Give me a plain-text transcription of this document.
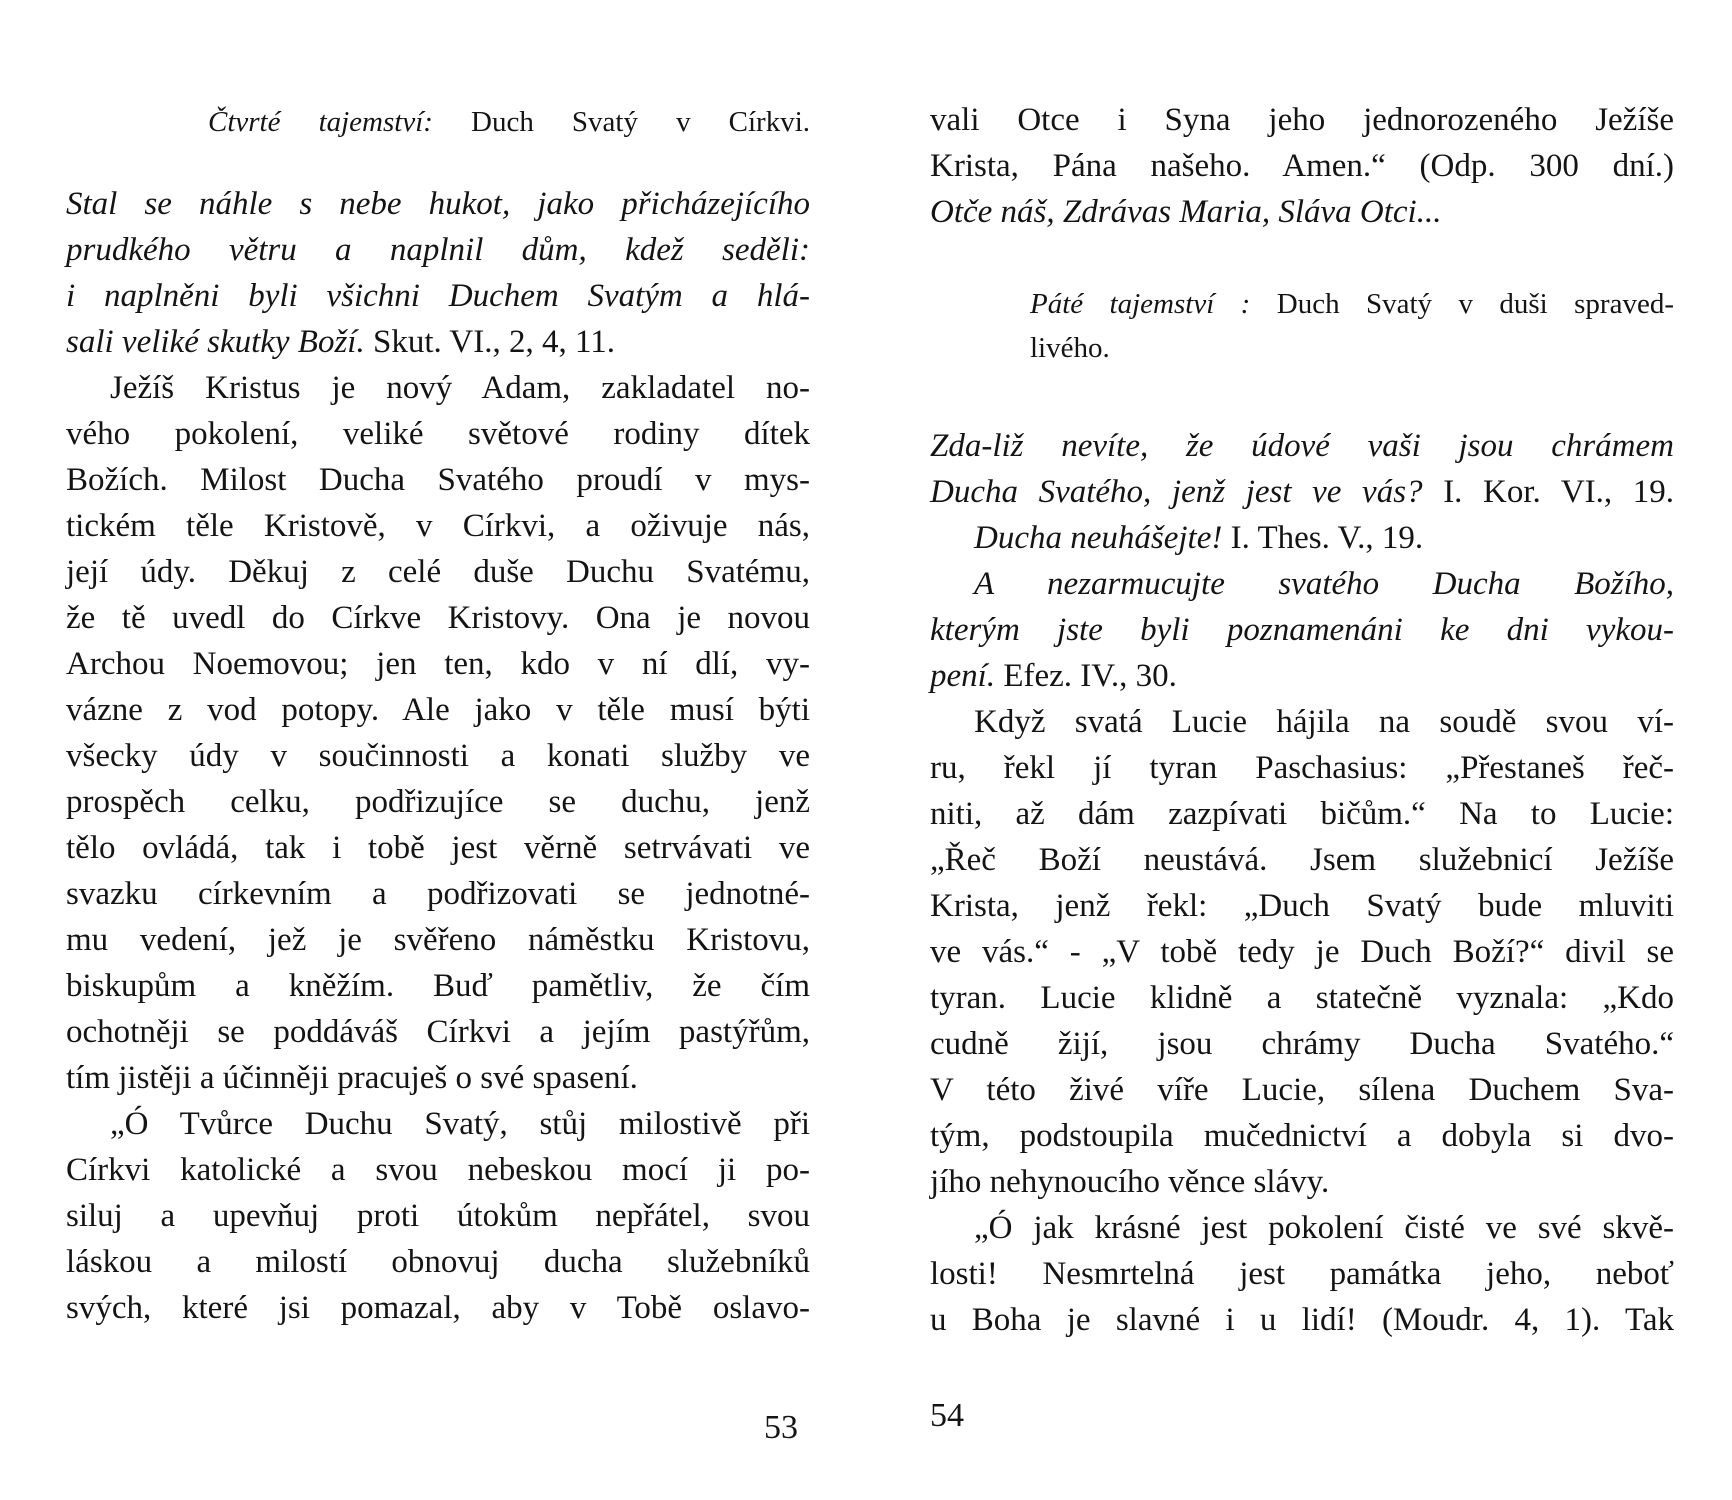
Čtvrté tajemství: Duch Svatý v Církvi.
Stal se náhle s nebe hukot, jako přicházejícího
prudkého větru a naplnil dům, kdež seděli:
i naplněni byli všichni Duchem Svatým a hlá-
sali veliké skutky Boží. Skut. VI., 2, 4, 11.
Ježíš Kristus je nový Adam, zakladatel no-
vého pokolení, veliké světové rodiny dítek
Božích. Milost Ducha Svatého proudí v mys-
tickém těle Kristově, v Církvi, a oživuje nás,
její údy. Děkuj z celé duše Duchu Svatému,
že tě uvedl do Církve Kristovy. Ona je novou
Archou Noemovou; jen ten, kdo v ní dlí, vy-
vázne z vod potopy. Ale jako v těle musí býti
všecky údy v součinnosti a konati služby ve
prospěch celku, podřizujíce se duchu, jenž
tělo ovládá, tak i tobě jest věrně setrvávati ve
svazku církevním a podřizovati se jednotné-
mu vedení, jež je svěřeno náměstku Kristovu,
biskupům a kněžím. Buď pamětliv, že čím
ochotněji se poddáváš Církvi a jejím pastýřům,
tím jistěji a účinněji pracuješ o své spasení.
„Ó Tvůrce Duchu Svatý, stůj milostivě při
Církvi katolické a svou nebeskou mocí ji po-
siluj a upevňuj proti útokům nepřátel, svou
láskou a milostí obnovuj ducha služebníků
svých, které jsi pomazal, aby v Tobě oslavo-
53
vali Otce i Syna jeho jednorozeného Ježíše
Krista, Pána našeho. Amen.“ (Odp. 300 dní.)
Otče náš, Zdrávas Maria, Sláva Otci...
Páté tajemství : Duch Svatý v duši spraved-
livého.
Zda-liž nevíte, že údové vaši jsou chrámem
Ducha Svatého, jenž jest ve vás? I. Kor. VI., 19.
Ducha neuhášejte! I. Thes. V., 19.
A nezarmucujte svatého Ducha Božího,
kterým jste byli poznamenáni ke dni vykou-
pení. Efez. IV., 30.
Když svatá Lucie hájila na soudě svou ví-
ru, řekl jí tyran Paschasius: „Přestaneš řeč-
niti, až dám zazpívati bičům.“ Na to Lucie:
„Řeč Boží neustává. Jsem služebnicí Ježíše
Krista, jenž řekl: „Duch Svatý bude mluviti
ve vás.“ - „V tobě tedy je Duch Boží?“ divil se
tyran. Lucie klidně a statečně vyznala: „Kdo
cudně žijí, jsou chrámy Ducha Svatého.“
V této živé víře Lucie, sílena Duchem Sva-
tým, podstoupila mučednictví a dobyla si dvo-
jího nehynoucího věnce slávy.
„Ó jak krásné jest pokolení čisté ve své skvě-
losti! Nesmrtelná jest památka jeho, neboť
u Boha je slavné i u lidí! (Moudr. 4, 1). Tak
54
